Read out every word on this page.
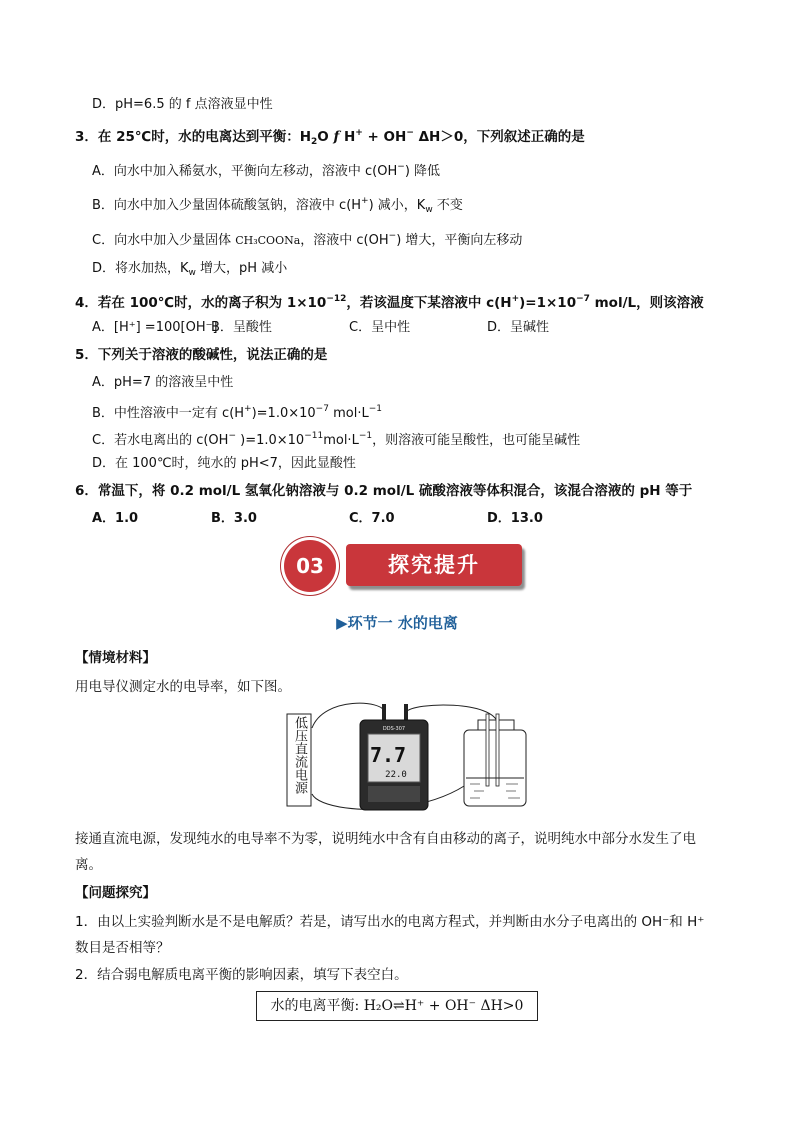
D．pH=6.5 的 f 点溶液显中性
3．在 25℃时，水的电离达到平衡：$H_2O$ f H+ + OH− ΔH＞0，下列叙述正确的是
A．向水中加入稀氨水，平衡向左移动，溶液中 c(OH−) 降低
B．向水中加入少量固体硫酸氢钠，溶液中 c(H+) 减小，$K_w$ 不变
C．向水中加入少量固体 CH₃COONa，溶液中 c(OH−) 增大，平衡向左移动
D．将水加热，$K_w$ 增大，pH 减小
4．若在 100℃时，水的离子积为 $1\times 10^{-12}$，若该温度下某溶液中 $c(H^+)=1\times 10^{-7}$ mol/L，则该溶液
A．[H⁺] =100[OH⁻]
B．呈酸性	C．呈中性	D．呈碱性
5．下列关于溶液的酸碱性，说法正确的是
A．pH=7 的溶液呈中性
B．中性溶液中一定有 $c(H^+)=1.0\times 10^{-7}$ $mol\cdot L^{-1}$
C．若水电离出的 c(OH− )$=1.0\times 10^{-11}mol\cdot L^{-1}$，则溶液可能呈酸性，也可能呈碱性
D．在 100℃时，纯水的 pH<7，因此显酸性
6．常温下，将 0.2 mol/L 氢氧化钠溶液与 0.2 mol/L 硫酸溶液等体积混合，该混合溶液的 pH 等于
A．1.0	B．3.0	C．7.0	D．13.0
探究提升
03
▶环节一 水的电离
【情境材料】
用电导仪测定水的电导率，如下图。
DDS-307
7.7
22.0
低压直流电源
接通直流电源，发现纯水的电导率不为零，说明纯水中含有自由移动的离子，说明纯水中部分水发生了电
离。
【问题探究】
1．由以上实验判断水是不是电解质？若是，请写出水的电离方程式，并判断由水分子电离出的 OH⁻和 H⁺
数目是否相等？
2．结合弱电解质电离平衡的影响因素，填写下表空白。
水的电离平衡: H₂O⇌H⁺ + OH⁻ ΔH>0
